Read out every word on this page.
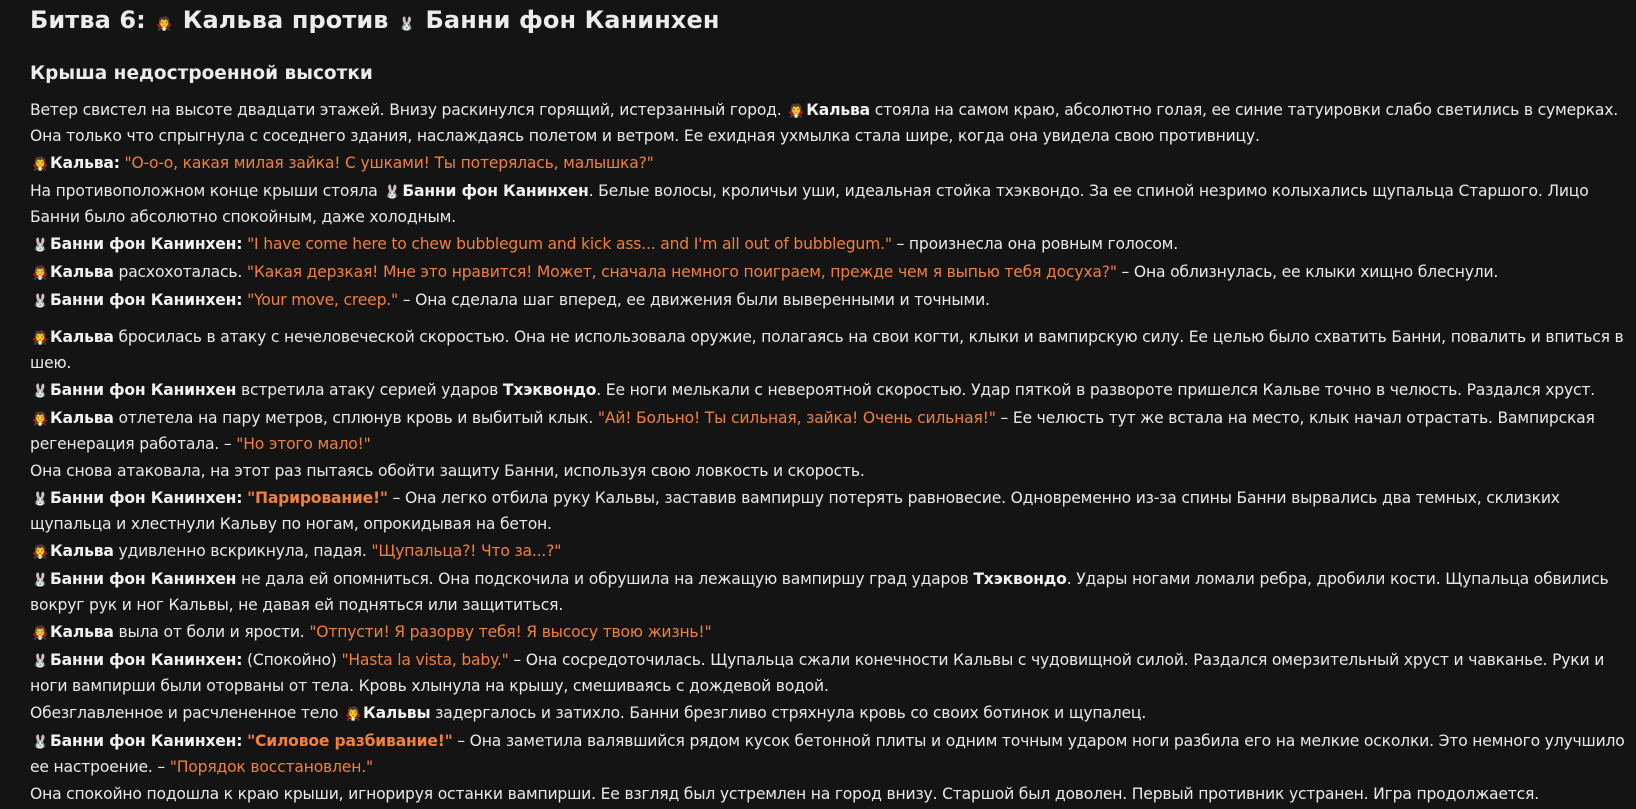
Битва 6: 🧛 Кальва против 🐰 Банни фон Канинхен
Крыша недостроенной высотки

Ветер свистел на высоте двадцати этажей. Внизу раскинулся горящий, истерзанный город. 🧛 Кальва стояла на самом краю, абсолютно голая, ее синие татуировки слабо светились в сумерках. Она только что спрыгнула с соседнего здания, наслаждаясь полетом и ветром. Ее ехидная ухмылка стала шире, когда она увидела свою противницу.

🧛 Кальва: "О-о-о, какая милая зайка! С ушками! Ты потерялась, малышка?"

На противоположном конце крыши стояла 🐰 Банни фон Канинхен. Белые волосы, кроличьи уши, идеальная стойка тхэквондо. За ее спиной незримо колыхались щупальца Старшого. Лицо Банни было абсолютно спокойным, даже холодным.

🐰 Банни фон Канинхен: "I have come here to chew bubblegum and kick ass... and I'm all out of bubblegum." – произнесла она ровным голосом.

🧛 Кальва расхохоталась. "Какая дерзкая! Мне это нравится! Может, сначала немного поиграем, прежде чем я выпью тебя досуха?" – Она облизнулась, ее клыки хищно блеснули.

🐰 Банни фон Канинхен: "Your move, creep." – Она сделала шаг вперед, ее движения были выверенными и точными.

🧛 Кальва бросилась в атаку с нечеловеческой скоростью. Она не использовала оружие, полагаясь на свои когти, клыки и вампирскую силу. Ее целью было схватить Банни, повалить и впиться в шею.

🐰 Банни фон Канинхен встретила атаку серией ударов Тхэквондо. Ее ноги мелькали с невероятной скоростью. Удар пяткой в развороте пришелся Кальве точно в челюсть. Раздался хруст.

🧛 Кальва отлетела на пару метров, сплюнув кровь и выбитый клык. "Ай! Больно! Ты сильная, зайка! Очень сильная!" – Ее челюсть тут же встала на место, клык начал отрастать. Вампирская регенерация работала. – "Но этого мало!"

Она снова атаковала, на этот раз пытаясь обойти защиту Банни, используя свою ловкость и скорость.

🐰 Банни фон Канинхен: "Парирование!" – Она легко отбила руку Кальвы, заставив вампиршу потерять равновесие. Одновременно из-за спины Банни вырвались два темных, склизких щупальца и хлестнули Кальву по ногам, опрокидывая на бетон.

🧛 Кальва удивленно вскрикнула, падая. "Щупальца?! Что за...?"

🐰 Банни фон Канинхен не дала ей опомниться. Она подскочила и обрушила на лежащую вампиршу град ударов Тхэквондо. Удары ногами ломали ребра, дробили кости. Щупальца обвились вокруг рук и ног Кальвы, не давая ей подняться или защититься.

🧛 Кальва выла от боли и ярости. "Отпусти! Я разорву тебя! Я высосу твою жизнь!"

🐰 Банни фон Канинхен: (Спокойно) "Hasta la vista, baby." – Она сосредоточилась. Щупальца сжали конечности Кальвы с чудовищной силой. Раздался омерзительный хруст и чавканье. Руки и ноги вампирши были оторваны от тела. Кровь хлынула на крышу, смешиваясь с дождевой водой.

Обезглавленное и расчлененное тело 🧛 Кальвы задергалось и затихло. Банни брезгливо стряхнула кровь со своих ботинок и щупалец.

🐰 Банни фон Канинхен: "Силовое разбивание!" – Она заметила валявшийся рядом кусок бетонной плиты и одним точным ударом ноги разбила его на мелкие осколки. Это немного улучшило ее настроение. – "Порядок восстановлен."

Она спокойно подошла к краю крыши, игнорируя останки вампирши. Ее взгляд был устремлен на город внизу. Старшой был доволен. Первый противник устранен. Игра продолжается.
